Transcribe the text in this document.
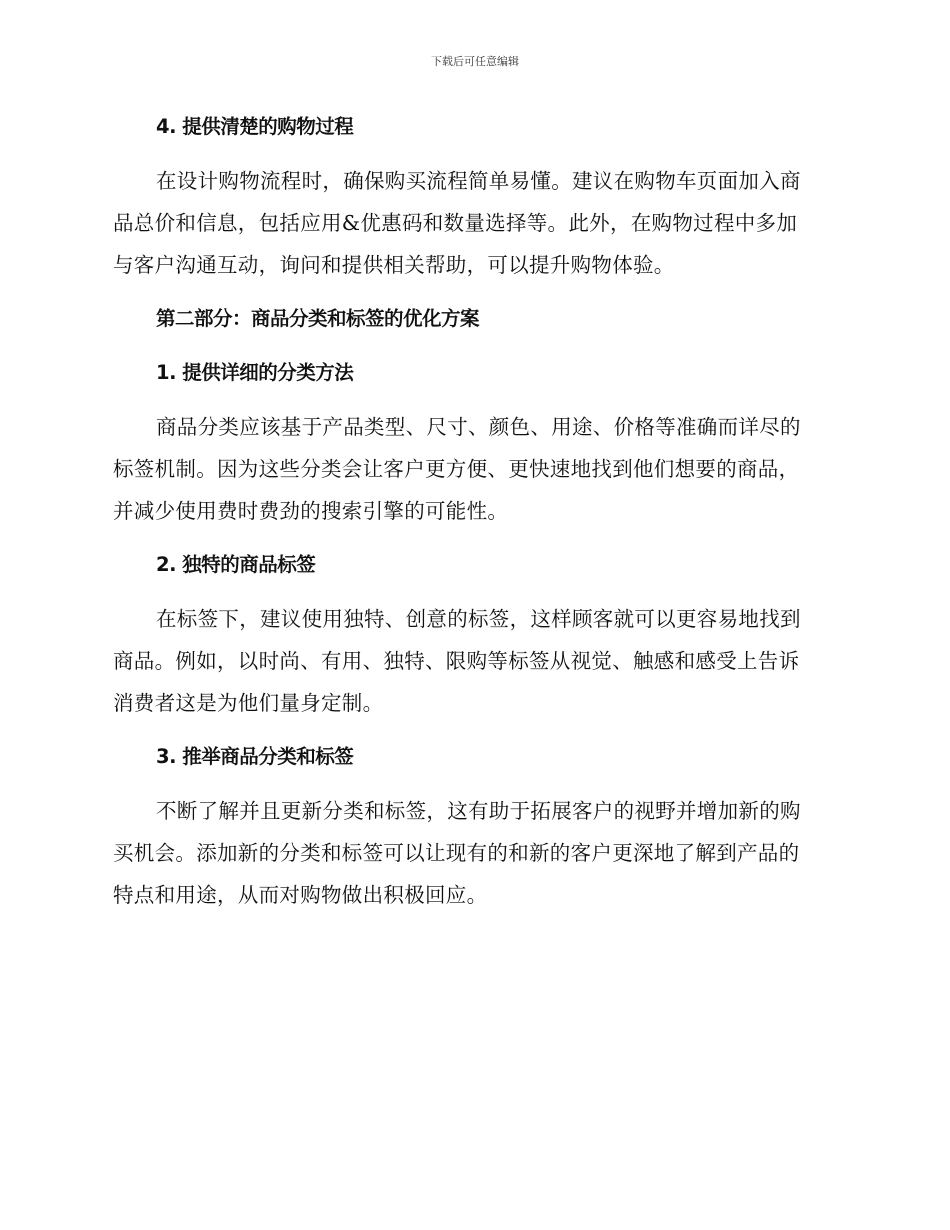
下载后可任意编辑
4. 提供清楚的购物过程

在设计购物流程时，确保购买流程简单易懂。建议在购物车页面加入商
品总价和信息，包括应用&优惠码和数量选择等。此外，在购物过程中多加
与客户沟通互动，询问和提供相关帮助，可以提升购物体验。

第二部分：商品分类和标签的优化方案
1. 提供详细的分类方法

商品分类应该基于产品类型、尺寸、颜色、用途、价格等准确而详尽的
标签机制。因为这些分类会让客户更方便、更快速地找到他们想要的商品，
并减少使用费时费劲的搜索引擎的可能性。

2. 独特的商品标签

在标签下，建议使用独特、创意的标签，这样顾客就可以更容易地找到
商品。例如，以时尚、有用、独特、限购等标签从视觉、触感和感受上告诉
消费者这是为他们量身定制。

3. 推举商品分类和标签

不断了解并且更新分类和标签，这有助于拓展客户的视野并增加新的购
买机会。添加新的分类和标签可以让现有的和新的客户更深地了解到产品的
特点和用途，从而对购物做出积极回应。
